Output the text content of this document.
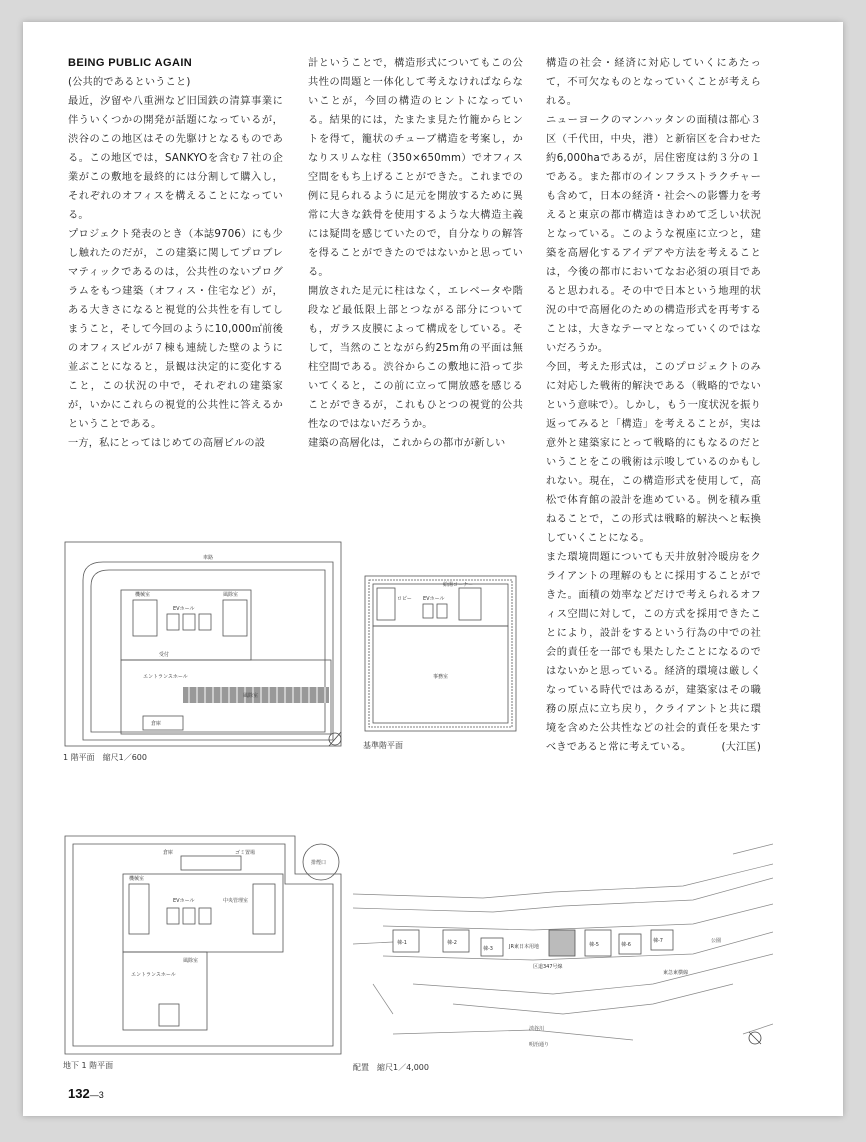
BEING PUBLIC AGAIN

(公共的であるということ)

最近，汐留や八重洲など旧国鉄の清算事業に伴ういくつかの開発が話題になっているが，渋谷のこの地区はその先駆けとなるものである。この地区では，SANKYOを含む７社の企業がこの敷地を最終的には分割して購入し，それぞれのオフィスを構えることになっている。

プロジェクト発表のとき（本誌9706）にも少し触れたのだが，この建築に関してプロブレマティックであるのは，公共性のないプログラムをもつ建築（オフィス・住宅など）が，ある大きさになると視覚的公共性を有してしまうこと，そして今回のように10,000㎡前後のオフィスビルが７棟も連続した壁のように並ぶことになると，景観は決定的に変化すること，この状況の中で，それぞれの建築家が，いかにこれらの視覚的公共性に答えるかということである。

一方，私にとってはじめての高層ビルの設

計ということで，構造形式についてもこの公共性の問題と一体化して考えなければならないことが，今回の構造のヒントになっている。結果的には，たまたま見た竹籠からヒントを得て，籠状のチューブ構造を考案し，かなりスリムな柱（350×650mm）でオフィス空間をもち上げることができた。これまでの例に見られるように足元を開放するために異常に大きな鉄骨を使用するような大構造主義には疑問を感じていたので，自分なりの解答を得ることができたのではないかと思っている。

開放された足元に柱はなく，エレベータや階段など最低限上部とつながる部分についても，ガラス皮膜によって構成をしている。そして，当然のことながら約25m角の平面は無柱空間である。渋谷からこの敷地に沿って歩いてくると，この前に立って開放感を感じることができるが，これもひとつの視覚的公共性なのではないだろうか。

建築の高層化は，これからの都市が新しい

構造の社会・経済に対応していくにあたって，不可欠なものとなっていくことが考えられる。

ニューヨークのマンハッタンの面積は都心３区（千代田，中央，港）と新宿区を合わせた約6,000haであるが，居住密度は約３分の１である。また都市のインフラストラクチャーも含めて，日本の経済・社会への影響力を考えると東京の都市構造はきわめて乏しい状況となっている。このような視座に立つと，建築を高層化するアイデアや方法を考えることは，今後の都市においてなお必須の項目であると思われる。その中で日本という地理的状況の中で高層化のための構造形式を再考することは，大きなテーマとなっていくのではないだろうか。

今回，考えた形式は，このプロジェクトのみに対応した戦術的解決である（戦略的でないという意味で）。しかし，もう一度状況を振り返ってみると「構造」を考えることが，実は意外と建築家にとって戦略的にもなるのだということをこの戦術は示唆しているのかもしれない。現在，この構造形式を使用して，高松で体育館の設計を進めている。例を積み重ねることで，この形式は戦略的解決へと転換していくことになる。

また環境問題についても天井放射冷暖房をクライアントの理解のもとに採用することができた。面積の効率などだけで考えられるオフィス空間に対して，この方式を採用できたことにより，設計をするという行為の中での社会的責任を一部でも果たしたことになるのではないかと思っている。経済的環境は厳しくなっている時代ではあるが，建築家はその職務の原点に立ち戻り，クライアントと共に環境を含めた公共性などの社会的責任を果たすべきであると常に考えている。	(大江匡)

車路
EVホール
機械室	風除室
受付
エントランスホール
風除室
倉庫
1 階平面　縮尺1／600
給湯コーナー
EVホール
ロビー
事務室
基準階平面
倉庫	ゴミ置場
EVホール	中央管理室
機械室
エントランスホール
風除室
排煙口
地下 1 階平面
棟-1	棟-2
棟-3	JR東日本用地	棟-5	棟-6
棟-7
区道347号線
渋谷川
明治通り
東急東横線
公園
配置　縮尺1／4,000
132—3
